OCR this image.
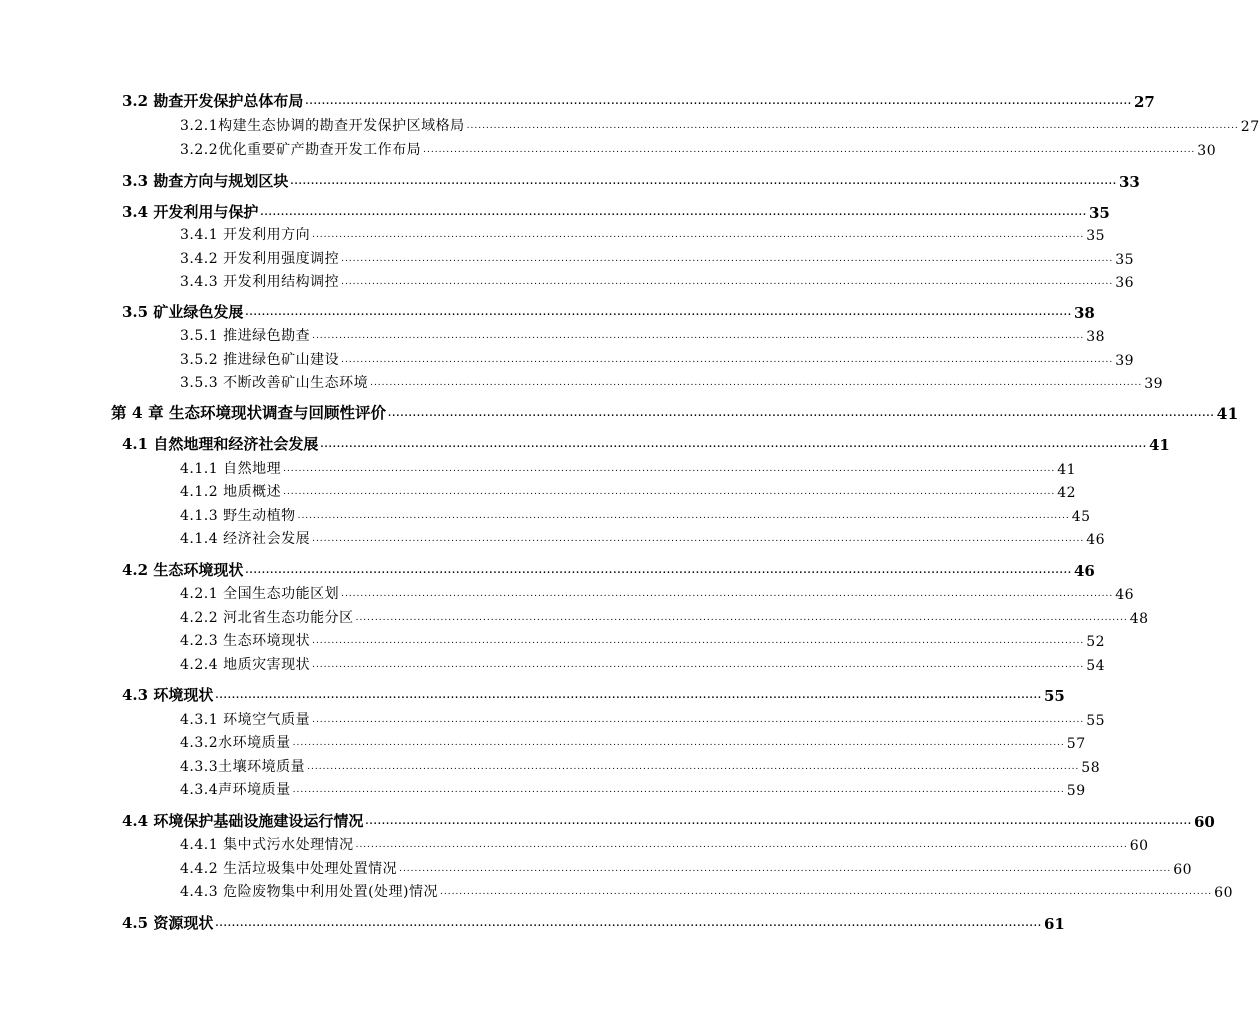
3.2 勘查开发保护总体布局 ........................................................................................................................................................................................................ 27
3.2.1构建生态协调的勘查开发保护区域格局 ........................................................................................................................................................................................................ 27
3.2.2优化重要矿产勘查开发工作布局 ........................................................................................................................................................................................................ 30
3.3 勘查方向与规划区块 ........................................................................................................................................................................................................ 33
3.4 开发利用与保护 ........................................................................................................................................................................................................ 35
3.4.1 开发利用方向 ........................................................................................................................................................................................................ 35
3.4.2 开发利用强度调控 ........................................................................................................................................................................................................ 35
3.4.3 开发利用结构调控 ........................................................................................................................................................................................................ 36
3.5 矿业绿色发展 ........................................................................................................................................................................................................ 38
3.5.1 推进绿色勘查 ........................................................................................................................................................................................................ 38
3.5.2 推进绿色矿山建设 ........................................................................................................................................................................................................ 39
3.5.3 不断改善矿山生态环境 ........................................................................................................................................................................................................ 39
第 4 章 生态环境现状调查与回顾性评价 ........................................................................................................................................................................................................ 41
4.1 自然地理和经济社会发展 ........................................................................................................................................................................................................ 41
4.1.1 自然地理 ........................................................................................................................................................................................................ 41
4.1.2 地质概述 ........................................................................................................................................................................................................ 42
4.1.3 野生动植物 ........................................................................................................................................................................................................ 45
4.1.4 经济社会发展 ........................................................................................................................................................................................................ 46
4.2 生态环境现状 ........................................................................................................................................................................................................ 46
4.2.1 全国生态功能区划 ........................................................................................................................................................................................................ 46
4.2.2 河北省生态功能分区 ........................................................................................................................................................................................................ 48
4.2.3 生态环境现状 ........................................................................................................................................................................................................ 52
4.2.4 地质灾害现状 ........................................................................................................................................................................................................ 54
4.3 环境现状 ........................................................................................................................................................................................................ 55
4.3.1 环境空气质量 ........................................................................................................................................................................................................ 55
4.3.2水环境质量 ........................................................................................................................................................................................................ 57
4.3.3土壤环境质量 ........................................................................................................................................................................................................ 58
4.3.4声环境质量 ........................................................................................................................................................................................................ 59
4.4 环境保护基础设施建设运行情况 ........................................................................................................................................................................................................ 60
4.4.1 集中式污水处理情况 ........................................................................................................................................................................................................ 60
4.4.2 生活垃圾集中处理处置情况 ........................................................................................................................................................................................................ 60
4.4.3 危险废物集中利用处置(处理)情况 ........................................................................................................................................................................................................ 60
4.5 资源现状 ........................................................................................................................................................................................................ 61
